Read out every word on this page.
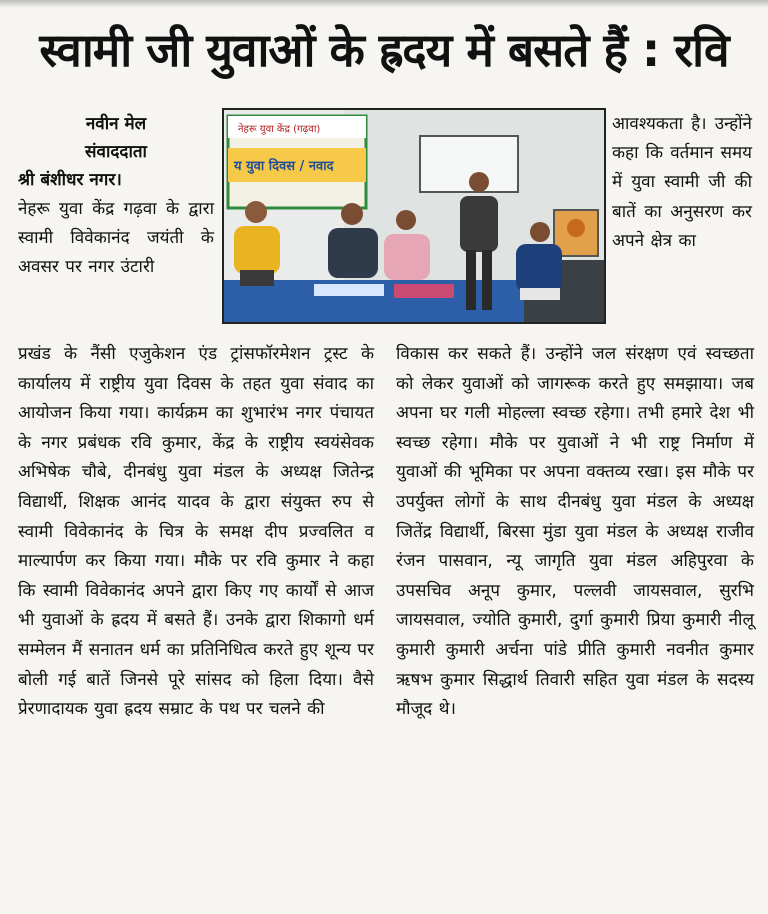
स्वामी जी युवाओं के ह्रदय में बसते हैं : रवि
नवीन मेल
संवाददाता
श्री बंशीधर नगर।

नेहरू युवा केंद्र गढ़वा के द्वारा स्वामी विवेकानंद जयंती के अवसर पर नगर उंटारी

नेहरू युवा केंद्र (गढ़वा)
य युवा दिवस / नवाद

आवश्यकता है। उन्होंने कहा कि वर्तमान समय में युवा स्वामी जी की बातें का अनुसरण कर अपने क्षेत्र का

प्रखंड के नैंसी एजुकेशन एंड ट्रांसफॉरमेशन ट्रस्ट के कार्यालय में राष्ट्रीय युवा दिवस के तहत युवा संवाद का आयोजन किया गया। कार्यक्रम का शुभारंभ नगर पंचायत के नगर प्रबंधक रवि कुमार, केंद्र के राष्ट्रीय स्वयंसेवक अभिषेक चौबे, दीनबंधु युवा मंडल के अध्यक्ष जितेन्द्र विद्यार्थी, शिक्षक आनंद यादव के द्वारा संयुक्त रुप से स्वामी विवेकानंद के चित्र के समक्ष दीप प्रज्वलित व माल्यार्पण कर किया गया। मौके पर रवि कुमार ने कहा कि स्वामी विवेकानंद अपने द्वारा किए गए कार्यों से आज भी युवाओं के ह्रदय में बसते हैं। उनके द्वारा शिकागो धर्म सम्मेलन मैं सनातन धर्म का प्रतिनिधित्व करते हुए शून्य पर बोली गई बातें जिनसे पूरे सांसद को हिला दिया। वैसे प्रेरणादायक युवा ह्रदय सम्राट के पथ पर चलने की

विकास कर सकते हैं। उन्होंने जल संरक्षण एवं स्वच्छता को लेकर युवाओं को जागरूक करते हुए समझाया। जब अपना घर गली मोहल्ला स्वच्छ रहेगा। तभी हमारे देश भी स्वच्छ रहेगा। मौके पर युवाओं ने भी राष्ट्र निर्माण में युवाओं की भूमिका पर अपना वक्तव्य रखा। इस मौके पर उपर्युक्त लोगों के साथ दीनबंधु युवा मंडल के अध्यक्ष जितेंद्र विद्यार्थी, बिरसा मुंडा युवा मंडल के अध्यक्ष राजीव रंजन पासवान, न्यू जागृति युवा मंडल अहिपुरवा के उपसचिव अनूप कुमार, पल्लवी जायसवाल, सुरभि जायसवाल, ज्योति कुमारी, दुर्गा कुमारी प्रिया कुमारी नीलू कुमारी कुमारी अर्चना पांडे प्रीति कुमारी नवनीत कुमार ऋषभ कुमार सिद्धार्थ तिवारी सहित युवा मंडल के सदस्य मौजूद थे।
